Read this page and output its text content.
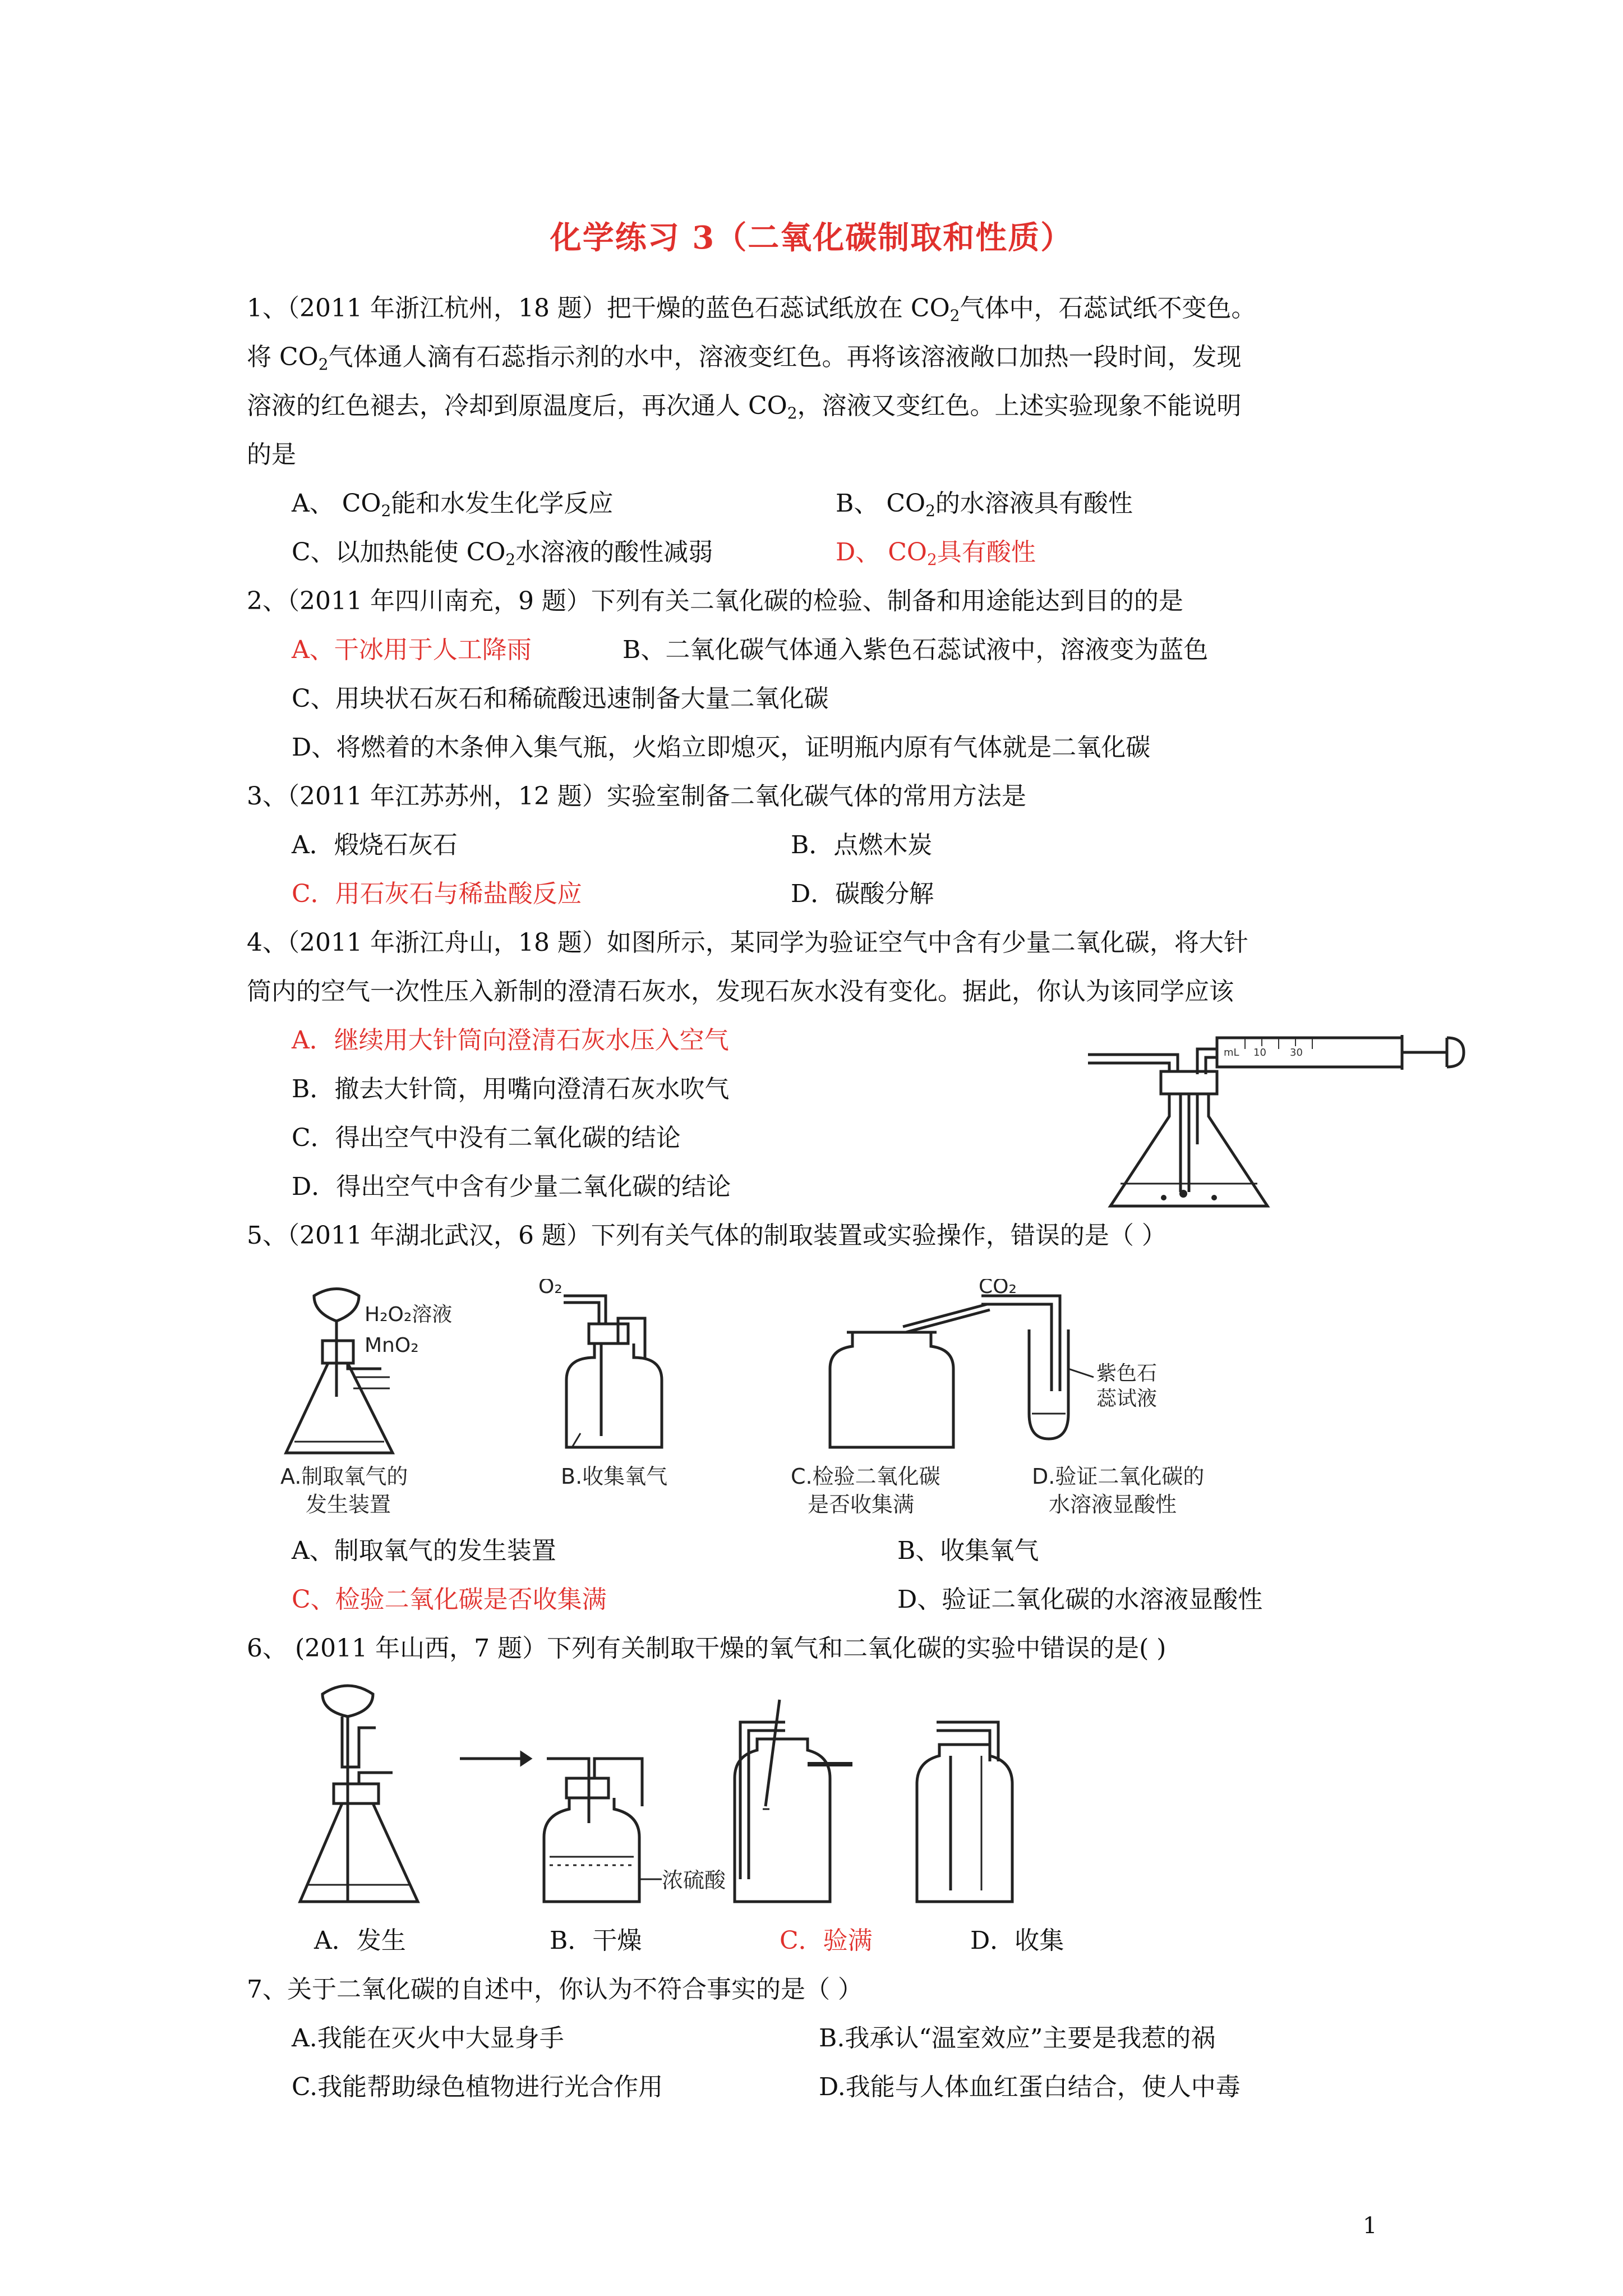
化学练习 3（二氧化碳制取和性质）
1、（2011 年浙江杭州，18 题）把干燥的蓝色石蕊试纸放在 $CO_2$气体中，石蕊试纸不变色。
将 $CO_2$气体通人滴有石蕊指示剂的水中，溶液变红色。再将该溶液敞口加热一段时间，发现
溶液的红色褪去，冷却到原温度后，再次通人 $CO_2$，溶液又变红色。上述实验现象不能说明
的是
A、 $CO_2$能和水发生化学反应	B、 $CO_2$的水溶液具有酸性
C、以加热能使 $CO_2$水溶液的酸性减弱	D、 $CO_2$具有酸性
2、（2011 年四川南充，9 题）下列有关二氧化碳的检验、制备和用途能达到目的的是
A、干冰用于人工降雨	B、二氧化碳气体通入紫色石蕊试液中，溶液变为蓝色
C、用块状石灰石和稀硫酸迅速制备大量二氧化碳
D、将燃着的木条伸入集气瓶，火焰立即熄灭，证明瓶内原有气体就是二氧化碳
3、（2011 年江苏苏州，12 题）实验室制备二氧化碳气体的常用方法是
A．煅烧石灰石	B．点燃木炭
C．用石灰石与稀盐酸反应	D．碳酸分解
4、（2011 年浙江舟山，18 题）如图所示，某同学为验证空气中含有少量二氧化碳，将大针
筒内的空气一次性压入新制的澄清石灰水，发现石灰水没有变化。据此，你认为该同学应该
A．继续用大针筒向澄清石灰水压入空气
B．撤去大针筒，用嘴向澄清石灰水吹气
C．得出空气中没有二氧化碳的结论
D．得出空气中含有少量二氧化碳的结论
mL 10 30
5、（2011 年湖北武汉，6 题）下列有关气体的制取装置或实验操作，错误的是（ ）
H₂O₂溶液
MnO₂
O₂	CO₂
紫色石
蕊试液
A.制取氧气的
发生装置
B.收集氧气	C.检验二氧化碳
是否收集满
D.验证二氧化碳的
水溶液显酸性
A、制取氧气的发生装置	B、收集氧气
C、检验二氧化碳是否收集满	D、验证二氧化碳的水溶液显酸性
6、 (2011 年山西，7 题）下列有关制取干燥的氧气和二氧化碳的实验中错误的是( )
浓硫酸
A．发生	B．干燥	C．验满	D．收集
7、关于二氧化碳的自述中，你认为不符合事实的是（ ）
A.我能在灭火中大显身手	B.我承认“温室效应”主要是我惹的祸
C.我能帮助绿色植物进行光合作用	D.我能与人体血红蛋白结合，使人中毒
1
